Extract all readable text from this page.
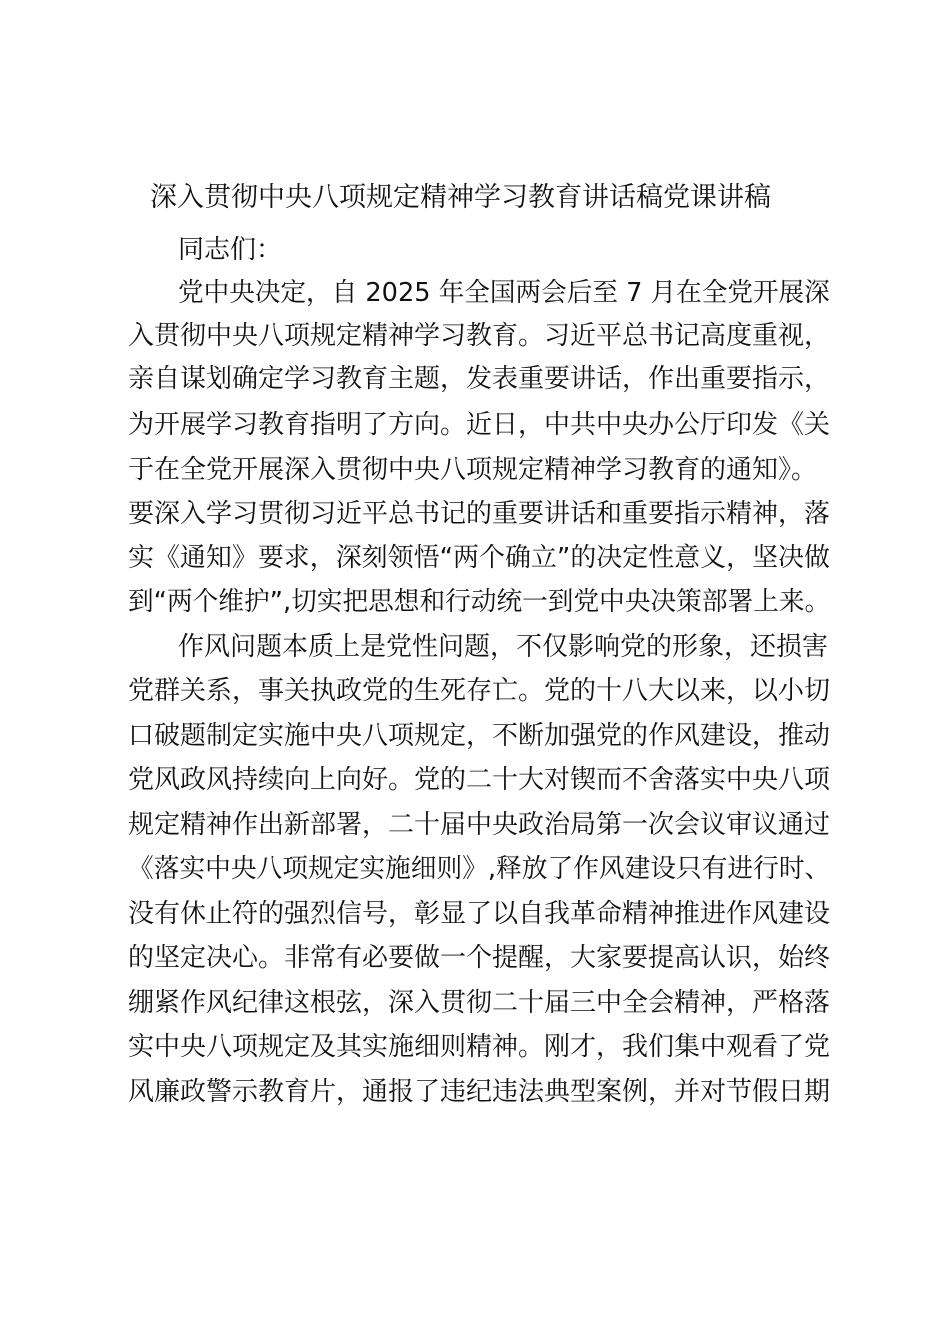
深入贯彻中央八项规定精神学习教育讲话稿党课讲稿
同志们：
党中央决定，自 2025 年全国两会后至 7 月在全党开展深
入贯彻中央八项规定精神学习教育。习近平总书记高度重视，
亲自谋划确定学习教育主题，发表重要讲话，作出重要指示，
为开展学习教育指明了方向。近日，中共中央办公厅印发《关
于在全党开展深入贯彻中央八项规定精神学习教育的通知》。
要深入学习贯彻习近平总书记的重要讲话和重要指示精神，落
实《通知》要求，深刻领悟“两个确立”的决定性意义，坚决做
到“两个维护”,切实把思想和行动统一到党中央决策部署上来。
作风问题本质上是党性问题，不仅影响党的形象，还损害
党群关系，事关执政党的生死存亡。党的十八大以来，以小切
口破题制定实施中央八项规定，不断加强党的作风建设，推动
党风政风持续向上向好。党的二十大对锲而不舍落实中央八项
规定精神作出新部署，二十届中央政治局第一次会议审议通过
《落实中央八项规定实施细则》,释放了作风建设只有进行时、
没有休止符的强烈信号，彰显了以自我革命精神推进作风建设
的坚定决心。非常有必要做一个提醒，大家要提高认识，始终
绷紧作风纪律这根弦，深入贯彻二十届三中全会精神，严格落
实中央八项规定及其实施细则精神。刚才，我们集中观看了党
风廉政警示教育片，通报了违纪违法典型案例，并对节假日期
